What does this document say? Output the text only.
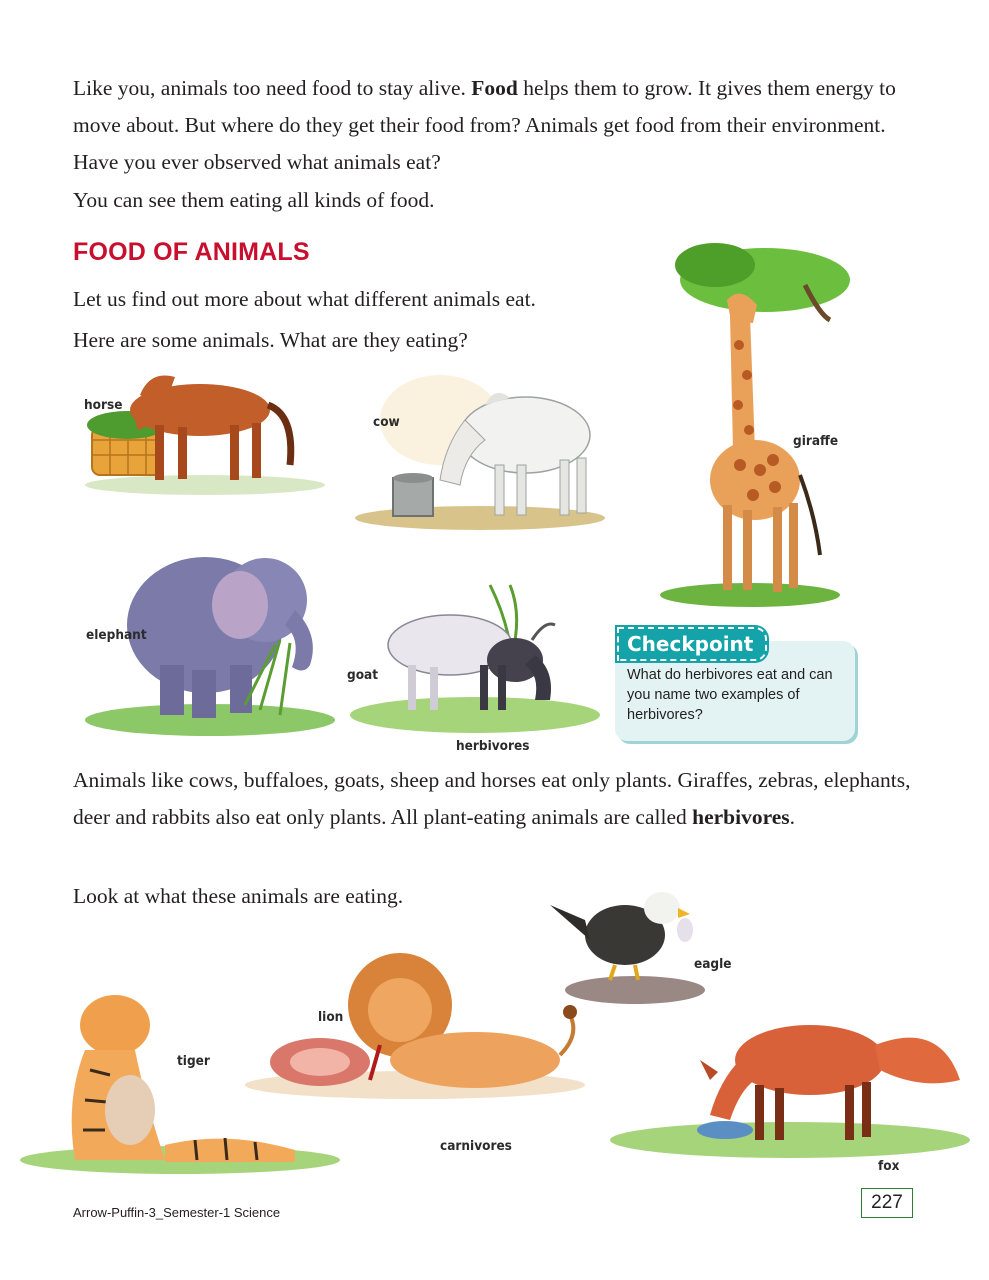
Like you, animals too need food to stay alive. Food helps them to grow. It gives them energy to move about. But where do they get their food from? Animals get food from their environment. Have you ever observed what animals eat?

You can see them eating all kinds of food.

FOOD OF ANIMALS

Let us find out more about what different animals eat.

Here are some animals. What are they eating?

horse
cow
giraffe
elephant
goat
herbivores
Checkpoint

What do herbivores eat and can you name two examples of herbivores?

Animals like cows, buffaloes, goats, sheep and horses eat only plants. Giraffes, zebras, elephants, deer and rabbits also eat only plants. All plant-eating animals are called herbivores.

Look at what these animals are eating.

eagle
tiger
lion
carnivores
fox
Arrow-Puffin-3_Semester-1 Science	227
